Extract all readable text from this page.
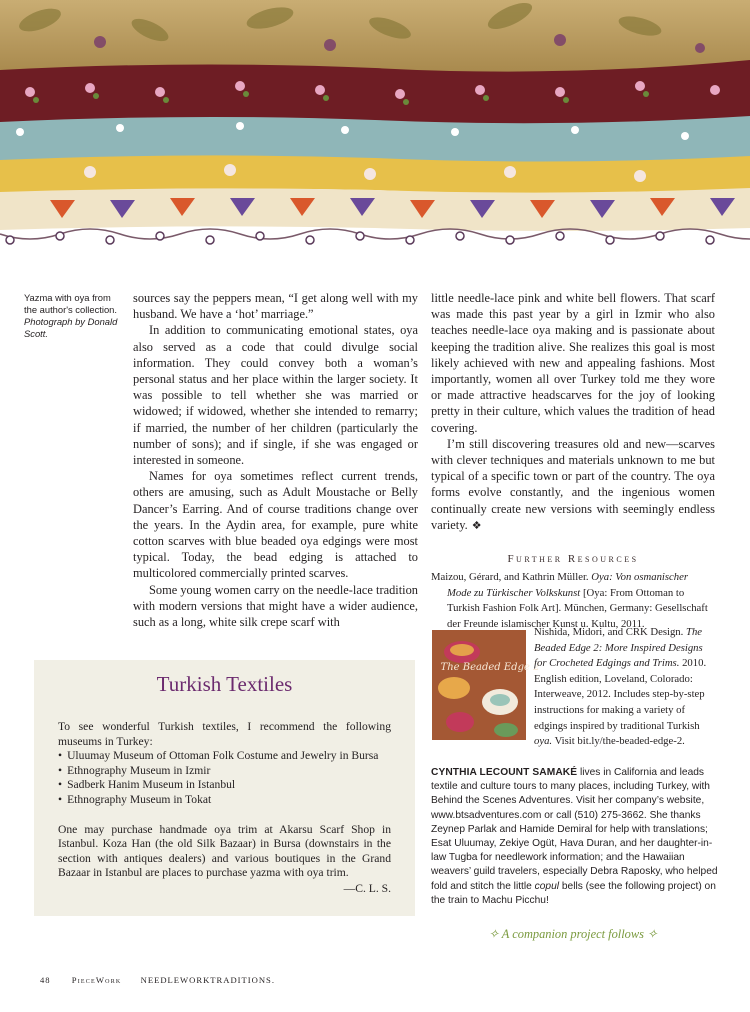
Yazma with oya from the author's collection.
Photograph by Donald Scott.

sources say the peppers mean, “I get along well with my husband. We have a ‘hot’ marriage.”

In addition to communicating emotional states, oya also served as a code that could divulge social information. They could convey both a woman’s personal status and her place within the larger society. It was possible to tell whether she was married or widowed; if widowed, whether she intended to remarry; if married, the number of her children (particularly the number of sons); and if single, if she was engaged or interested in someone.

Names for oya sometimes reflect current trends, others are amusing, such as Adult Moustache or Belly Dancer’s Earring. And of course traditions change over the years. In the Aydin area, for example, pure white cotton scarves with blue beaded oya edgings were most typical. Today, the bead edging is attached to multicolored commercially printed scarves.

Some young women carry on the needle-lace tradition with modern versions that might have a wider audience, such as a long, white silk crepe scarf with

little needle-lace pink and white bell flowers. That scarf was made this past year by a girl in Izmir who also teaches needle-lace oya making and is passionate about keeping the tradition alive. She realizes this goal is most likely achieved with new and appealing fashions. Most importantly, women all over Turkey told me they wore or made attractive headscarves for the joy of looking pretty in their culture, which values the tradition of head covering.

I’m still discovering treasures old and new—scarves with clever techniques and materials unknown to me but typical of a specific town or part of the country. The oya forms evolve constantly, and the ingenious women continually create new versions with seemingly endless variety. ❖

Further Resources

Maizou, Gérard, and Kathrin Müller. Oya: Von osmanischer Mode zu Türkischer Volkskunst [Oya: From Ottoman to Turkish Fashion Folk Art]. München, Germany: Gesellschaft der Freunde islamischer Kunst u. Kultu, 2011.

The Beaded Edge 2

Nishida, Midori, and CRK Design. The Beaded Edge 2: More Inspired Designs for Crocheted Edgings and Trims. 2010. English edition, Loveland, Colorado: Interweave, 2012. Includes step-by-step instructions for making a variety of edgings inspired by traditional Turkish oya. Visit bit.ly/the-beaded-edge-2.

CYNTHIA LECOUNT SAMAKÉ lives in California and leads textile and culture tours to many places, including Turkey, with Behind the Scenes Adventures. Visit her company’s website, www.btsadventures.com or call (510) 275-3662. She thanks Zeynep Parlak and Hamide Demiral for help with translations; Esat Uluumay, Zekiye Ogüt, Hava Duran, and her daughter-in-law Tugba for needlework information; and the Hawaiian weavers’ guild travelers, especially Debra Raposky, who helped fold and stitch the little copul bells (see the following project) on the train to Machu Picchu!
✧ A companion project follows ✧
Turkish Textiles

To see wonderful Turkish textiles, I recommend the following museums in Turkey:

• Uluumay Museum of Ottoman Folk Costume and Jewelry in Bursa
• Ethnography Museum in Izmir
• Sadberk Hanim Museum in Istanbul
• Ethnography Museum in Tokat

One may purchase handmade oya trim at Akarsu Scarf Shop in Istanbul. Koza Han (the old Silk Bazaar) in Bursa (downstairs in the section with antiques dealers) and various boutiques in the Grand Bazaar in Istanbul are places to purchase yazma with oya trim.

—C. L. S.

48 PieceWork NEEDLEWORKTRADITIONS.
